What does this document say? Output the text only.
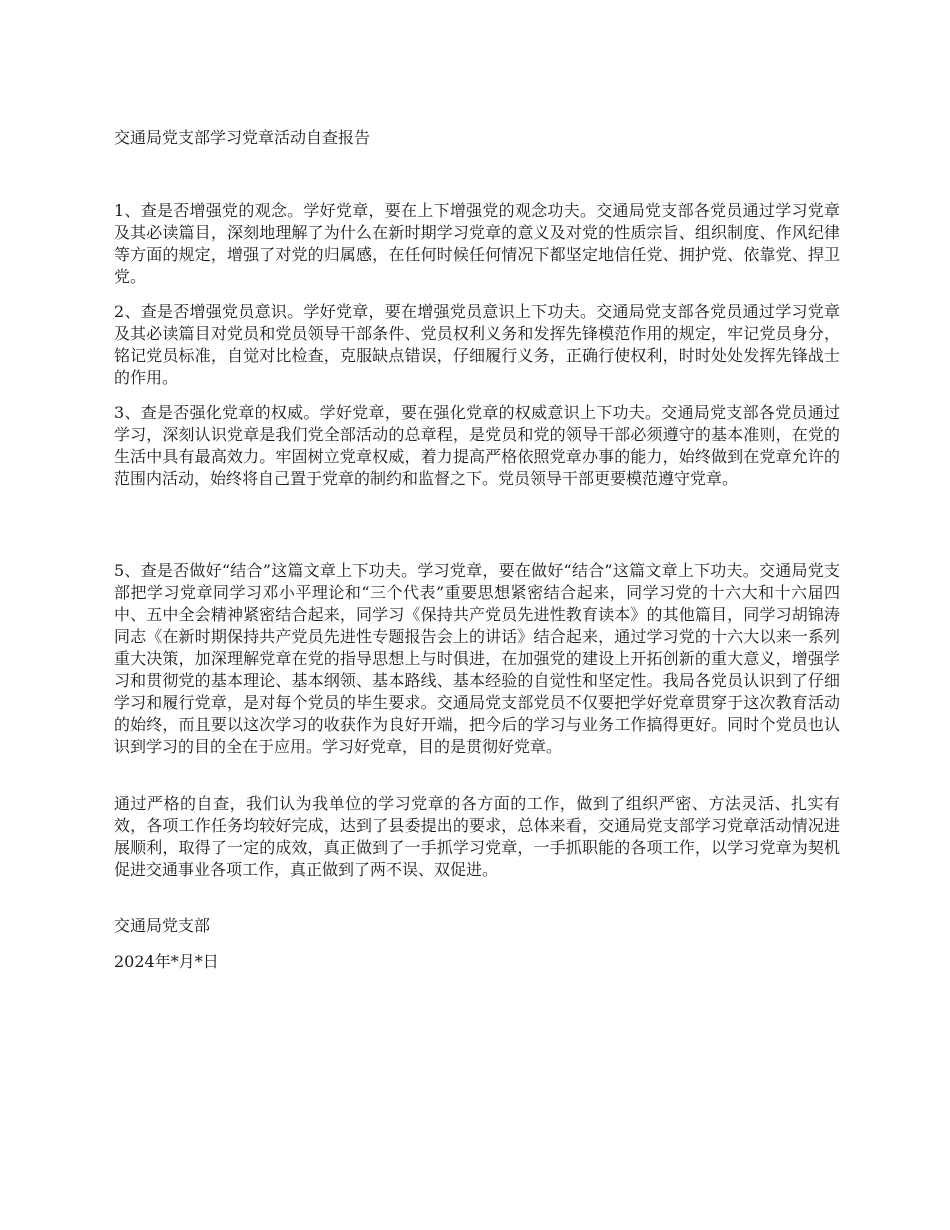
交通局党支部学习党章活动自查报告

1、查是否增强党的观念。学好党章，要在上下增强党的观念功夫。交通局党支部各党员通过学习党章及其必读篇目，深刻地理解了为什么在新时期学习党章的意义及对党的性质宗旨、组织制度、作风纪律等方面的规定，增强了对党的归属感，在任何时候任何情况下都坚定地信任党、拥护党、依靠党、捍卫党。

2、查是否增强党员意识。学好党章，要在增强党员意识上下功夫。交通局党支部各党员通过学习党章及其必读篇目对党员和党员领导干部条件、党员权利义务和发挥先锋模范作用的规定，牢记党员身分，铭记党员标准，自觉对比检查，克服缺点错误，仔细履行义务，正确行使权利，时时处处发挥先锋战士的作用。

3、查是否强化党章的权威。学好党章，要在强化党章的权威意识上下功夫。交通局党支部各党员通过学习，深刻认识党章是我们党全部活动的总章程，是党员和党的领导干部必须遵守的基本准则，在党的生活中具有最高效力。牢固树立党章权威，着力提高严格依照党章办事的能力，始终做到在党章允许的范围内活动，始终将自己置于党章的制约和监督之下。党员领导干部更要模范遵守党章。

5、查是否做好“结合”这篇文章上下功夫。学习党章，要在做好“结合”这篇文章上下功夫。交通局党支部把学习党章同学习邓小平理论和“三个代表”重要思想紧密结合起来，同学习党的十六大和十六届四中、五中全会精神紧密结合起来，同学习《保持共产党员先进性教育读本》的其他篇目，同学习胡锦涛同志《在新时期保持共产党员先进性专题报告会上的讲话》结合起来，通过学习党的十六大以来一系列重大决策，加深理解党章在党的指导思想上与时俱进，在加强党的建设上开拓创新的重大意义，增强学习和贯彻党的基本理论、基本纲领、基本路线、基本经验的自觉性和坚定性。我局各党员认识到了仔细学习和履行党章，是对每个党员的毕生要求。交通局党支部党员不仅要把学好党章贯穿于这次教育活动的始终，而且要以这次学习的收获作为良好开端，把今后的学习与业务工作搞得更好。同时个党员也认识到学习的目的全在于应用。学习好党章，目的是贯彻好党章。

通过严格的自查，我们认为我单位的学习党章的各方面的工作，做到了组织严密、方法灵活、扎实有效，各项工作任务均较好完成，达到了县委提出的要求，总体来看，交通局党支部学习党章活动情况进展顺利，取得了一定的成效，真正做到了一手抓学习党章，一手抓职能的各项工作，以学习党章为契机促进交通事业各项工作，真正做到了两不误、双促进。

交通局党支部

2024年*月*日
